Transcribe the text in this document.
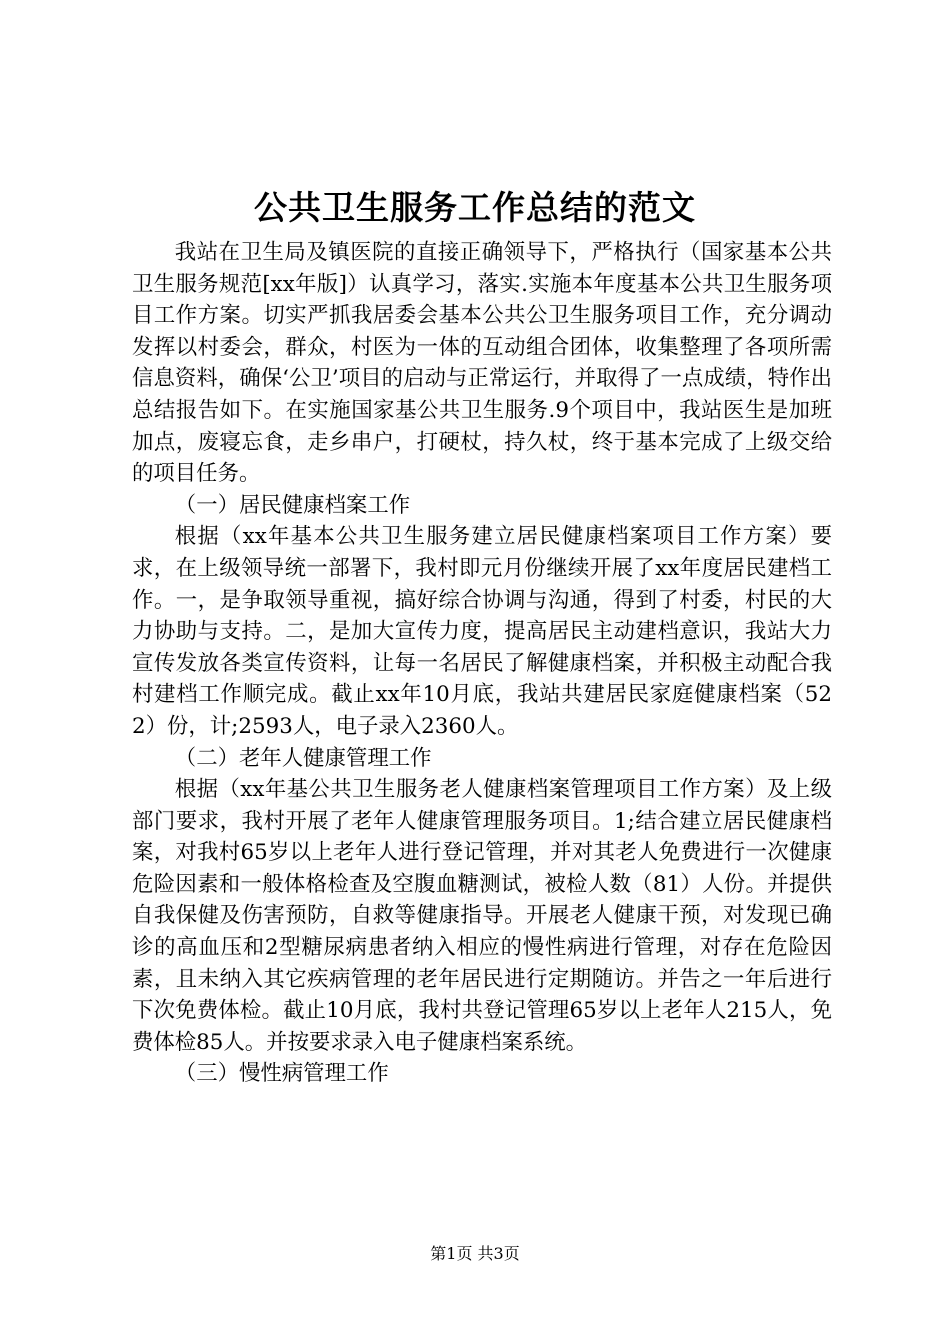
公共卫生服务工作总结的范文

我站在卫生局及镇医院的直接正确领导下，严格执行（国家基本公共卫生服务规范[xx年版]）认真学习，落实.实施本年度基本公共卫生服务项目工作方案。切实严抓我居委会基本公共公卫生服务项目工作，充分调动发挥以村委会，群众，村医为一体的互动组合团体，收集整理了各项所需信息资料，确保‘公卫’项目的启动与正常运行，并取得了一点成绩，特作出总结报告如下。在实施国家基公共卫生服务.9个项目中，我站医生是加班加点，废寝忘食，走乡串户，打硬杖，持久杖，终于基本完成了上级交给的项目任务。

（一）居民健康档案工作

根据（xx年基本公共卫生服务建立居民健康档案项目工作方案）要求，在上级领导统一部署下，我村即元月份继续开展了xx年度居民建档工作。一，是争取领导重视，搞好综合协调与沟通，得到了村委，村民的大力协助与支持。二，是加大宣传力度，提高居民主动建档意识，我站大力宣传发放各类宣传资料，让每一名居民了解健康档案，并积极主动配合我村建档工作顺完成。截止xx年10月底，我站共建居民家庭健康档案（522）份，计;2593人，电子录入2360人。

（二）老年人健康管理工作

根据（xx年基公共卫生服务老人健康档案管理项目工作方案）及上级部门要求，我村开展了老年人健康管理服务项目。1;结合建立居民健康档案，对我村65岁以上老年人进行登记管理，并对其老人免费进行一次健康危险因素和一般体格检查及空腹血糖测试，被检人数（81）人份。并提供自我保健及伤害预防，自救等健康指导。开展老人健康干预，对发现已确诊的高血压和2型糖尿病患者纳入相应的慢性病进行管理，对存在危险因素，且未纳入其它疾病管理的老年居民进行定期随访。并告之一年后进行下次免费体检。截止10月底，我村共登记管理65岁以上老年人215人，免费体检85人。并按要求录入电子健康档案系统。

（三）慢性病管理工作

第1页 共3页
